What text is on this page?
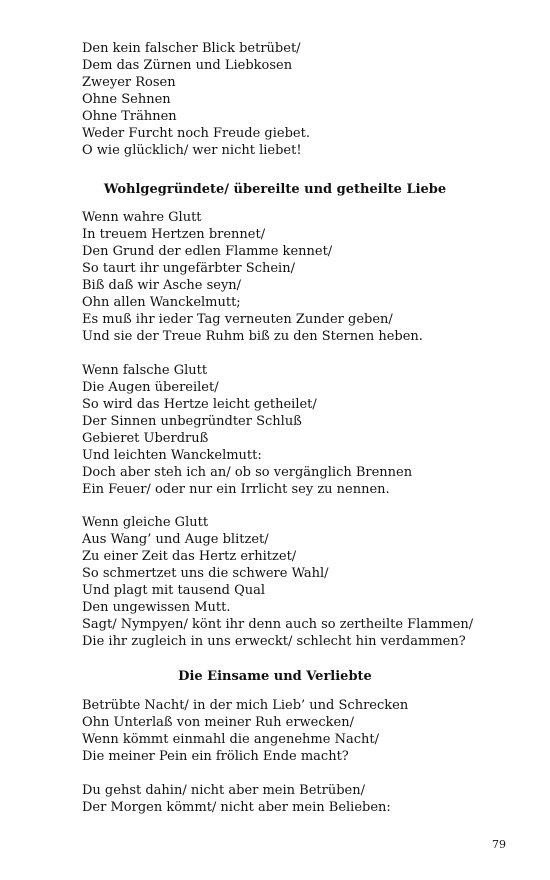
Den kein falscher Blick betrübet/
Dem das Zürnen und Liebkosen
Zweyer Rosen
Ohne Sehnen
Ohne Trähnen
Weder Furcht noch Freude giebet.
O wie glücklich/ wer nicht liebet!
Wohlgegründete/ übereilte und getheilte Liebe
Wenn wahre Glutt
In treuem Hertzen brennet/
Den Grund der edlen Flamme kennet/
So taurt ihr ungefärbter Schein/
Biß daß wir Asche seyn/
Ohn allen Wanckelmutt;
Es muß ihr ieder Tag verneuten Zunder geben/
Und sie der Treue Ruhm biß zu den Sternen heben.
Wenn falsche Glutt
Die Augen übereilet/
So wird das Hertze leicht getheilet/
Der Sinnen unbegründter Schluß
Gebieret Uberdruß
Und leichten Wanckelmutt:
Doch aber steh ich an/ ob so vergänglich Brennen
Ein Feuer/ oder nur ein Irrlicht sey zu nennen.
Wenn gleiche Glutt
Aus Wang’ und Auge blitzet/
Zu einer Zeit das Hertz erhitzet/
So schmertzet uns die schwere Wahl/
Und plagt mit tausend Qual
Den ungewissen Mutt.
Sagt/ Nympyen/ könt ihr denn auch so zertheilte Flammen/
Die ihr zugleich in uns erweckt/ schlecht hin verdammen?
Die Einsame und Verliebte
Betrübte Nacht/ in der mich Lieb’ und Schrecken
Ohn Unterlaß von meiner Ruh erwecken/
Wenn kömmt einmahl die angenehme Nacht/
Die meiner Pein ein frölich Ende macht?
Du gehst dahin/ nicht aber mein Betrüben/
Der Morgen kömmt/ nicht aber mein Belieben:
79
